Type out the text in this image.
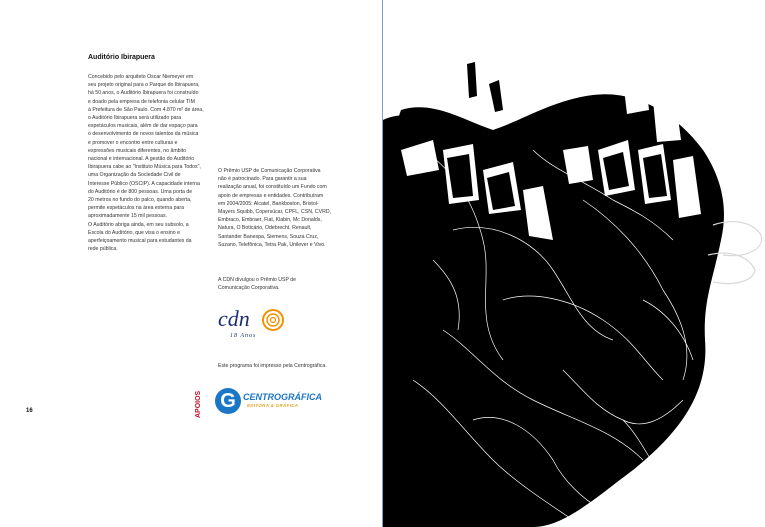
Auditório Ibirapuera
Concebido pelo arquiteto Oscar Niemeyer em
seu projeto original para o Parque do Ibirapuera,
há 50 anos, o Auditório Ibirapuera foi construído
e doado pela empresa de telefonia celular TIM
à Prefeitura de São Paulo. Com 4.870 m² de área,
o Auditório Ibirapuera será utilizado para
espetáculos musicais, além de dar espaço para
o desenvolvimento de novos talentos da música
e promover o encontro entre culturas e
expressões musicais diferentes, no âmbito
nacional e internacional. A gestão do Auditório
Ibirapuera cabe ao "Instituto Música para Todos",
uma Organização da Sociedade Civil de
Interesse Público (OSCIP). A capacidade interna
do Auditório é de 800 pessoas. Uma porta de
20 metros no fundo do palco, quando aberta,
permite espetáculos na área externa para
aproximadamente 15 mil pessoas.
O Auditório abriga ainda, em seu subsolo, a
Escola do Auditório, que visa o ensino e
aperfeiçoamento musical para estudantes da
rede pública.
O Prêmio USP de Comunicação Corporativa
não é patrocinado. Para garantir a sua
realização anual, foi constituído um Fundo com
apoio de empresas e entidades. Contribuíram
em 2004/2005: Alcatel, Bankboston, Bristol-
Mayers Squibb, Copersúcar, CPFL, CSN, CVRD,
Embraco, Embraer, Fiat, Klabin, Mc Donalds,
Natura, O Boticário, Odebrecht, Renault,
Santander Banespa, Siemens, Souza Cruz,
Suzano, Telefônica, Tetra Pak, Unilever e Vivo.
A CDN divulgou o Prêmio USP de
Comunicação Corporativa.
cdn
18 Anos
Este programa foi impresso pela Centrográfica.
APOIOS G CENTROGRÁFICA
EDITORA & GRÁFICA
16
